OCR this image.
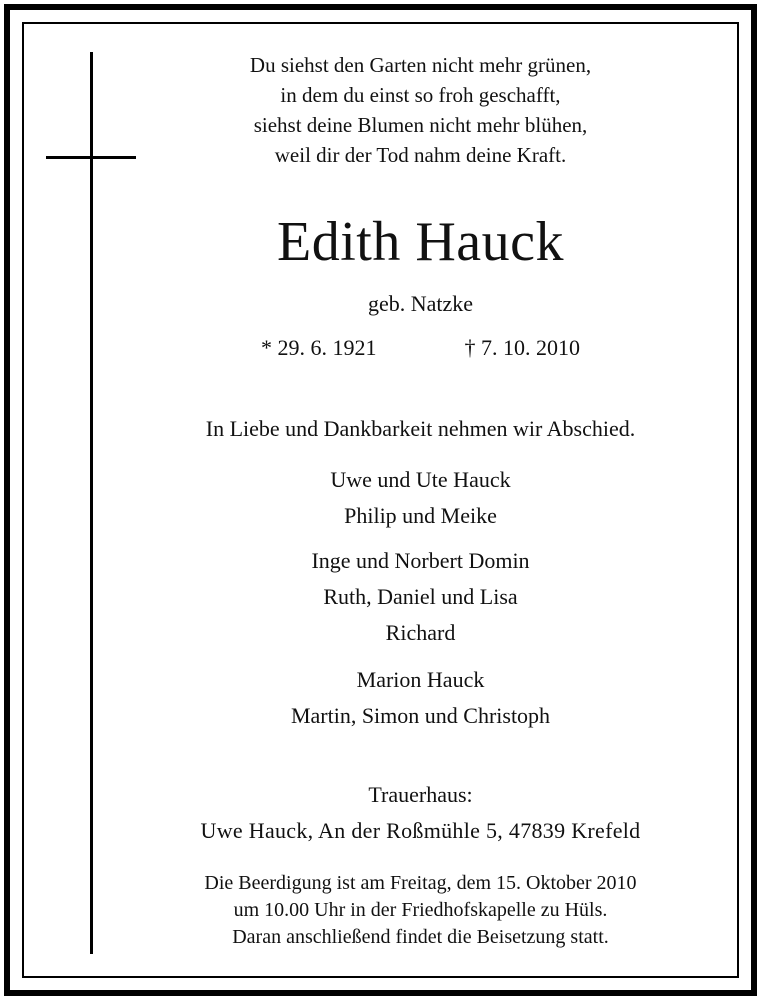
Du siehst den Garten nicht mehr grünen,
in dem du einst so froh geschafft,
siehst deine Blumen nicht mehr blühen,
weil dir der Tod nahm deine Kraft.
Edith Hauck
geb. Natzke
* 29. 6. 1921	† 7. 10. 2010
In Liebe und Dankbarkeit nehmen wir Abschied.
Uwe und Ute Hauck
Philip und Meike
Inge und Norbert Domin
Ruth, Daniel und Lisa
Richard
Marion Hauck
Martin, Simon und Christoph
Trauerhaus:
Uwe Hauck, An der Roßmühle 5, 47839 Krefeld
Die Beerdigung ist am Freitag, dem 15. Oktober 2010
um 10.00 Uhr in der Friedhofskapelle zu Hüls.
Daran anschließend findet die Beisetzung statt.
